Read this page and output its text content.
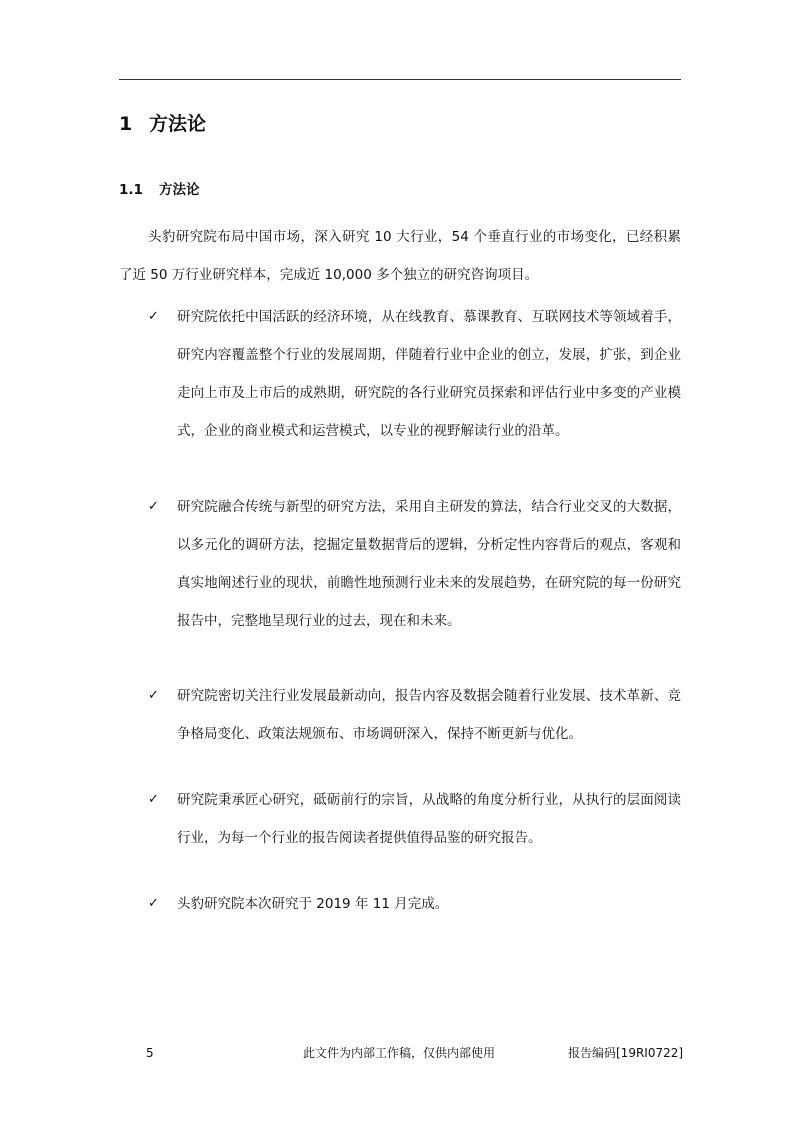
1 方法论
1.1 方法论

头豹研究院布局中国市场，深入研究 10 大行业，54 个垂直行业的市场变化，已经积累了近 50 万行业研究样本，完成近 10,000 多个独立的研究咨询项目。

✓ 研究院依托中国活跃的经济环境，从在线教育、慕课教育、互联网技术等领域着手，研究内容覆盖整个行业的发展周期，伴随着行业中企业的创立，发展，扩张，到企业走向上市及上市后的成熟期，研究院的各行业研究员探索和评估行业中多变的产业模式，企业的商业模式和运营模式，以专业的视野解读行业的沿革。

✓ 研究院融合传统与新型的研究方法，采用自主研发的算法，结合行业交叉的大数据，以多元化的调研方法，挖掘定量数据背后的逻辑，分析定性内容背后的观点，客观和真实地阐述行业的现状，前瞻性地预测行业未来的发展趋势，在研究院的每一份研究报告中，完整地呈现行业的过去，现在和未来。

✓ 研究院密切关注行业发展最新动向，报告内容及数据会随着行业发展、技术革新、竞争格局变化、政策法规颁布、市场调研深入，保持不断更新与优化。

✓ 研究院秉承匠心研究，砥砺前行的宗旨，从战略的角度分析行业，从执行的层面阅读行业，为每一个行业的报告阅读者提供值得品鉴的研究报告。

✓ 头豹研究院本次研究于 2019 年 11 月完成。

5	此文件为内部工作稿，仅供内部使用	报告编码[19RI0722]
